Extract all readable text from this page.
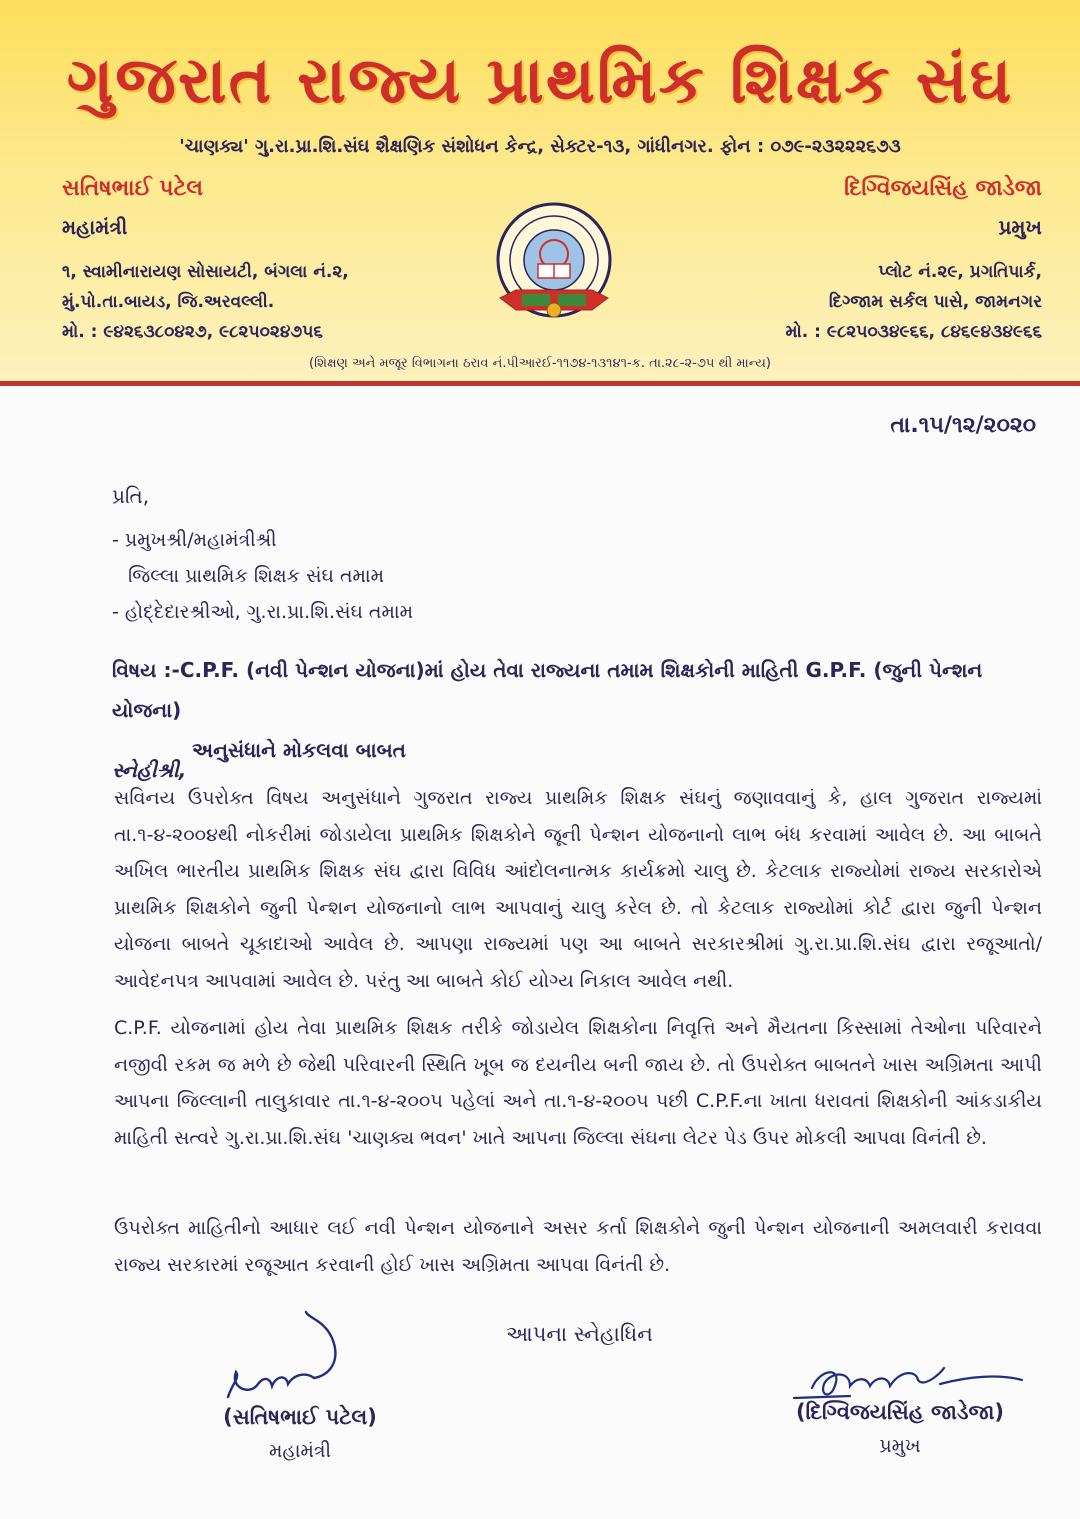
ગુજરાત રાજ્ય પ્રાથમિક શિક્ષક સંઘ
'ચાણક્ય' ગુ.રા.પ્રા.શિ.સંઘ શૈક્ષણિક સંશોધન કેન્દ્ર, સેક્ટર-૧૩, ગાંધીનગર. ફોન : ૦૭૯-૨૩૨૨૨૬૭૩
સતિષભાઈ પટેલ
મહામંત્રી
૧, સ્વામીનારાયણ સોસાયટી, બંગલા નં.૨,
મું.પો.તા.બાયડ, જિ.અરવલ્લી.
મો. : ૯૪૨૬૩૮૦૪૨૭, ૯૮૨૫૦૨૪૭૫૬
દિગ્વિજયસિંહ જાડેજા
પ્રમુખ
પ્લોટ નં.૨૯, પ્રગતિપાર્ક,
દિગ્જામ સર્કલ પાસે, જામનગર
મો. : ૯૮૨૫૦૩૪૯૬૬, ૮૪૬૯૪૩૪૯૬૬
(શિક્ષણ અને મજૂર વિભાગના ઠરાવ નં.પીઆરઈ-૧૧૭૪-૧૩૧૪૧-ક. તા.૨૮-૨-૭૫ થી માન્ય)
તા.૧૫/૧૨/૨૦૨૦
પ્રતિ,
- પ્રમુખશ્રી/મહામંત્રીશ્રી
જિલ્લા પ્રાથમિક શિક્ષક સંઘ તમામ
- હોદ્દેદારશ્રીઓ, ગુ.રા.પ્રા.શિ.સંઘ તમામ
વિષય :-C.P.F. (નવી પેન્શન યોજના)માં હોય તેવા રાજ્યના તમામ શિક્ષકોની માહિતી G.P.F. (જુની પેન્શન યોજના)
અનુસંધાને મોકલવા બાબત
સ્નેહીશ્રી,
સવિનય ઉપરોક્ત વિષય અનુસંધાને ગુજરાત રાજ્ય પ્રાથમિક શિક્ષક સંઘનું જણાવવાનું કે, હાલ ગુજરાત રાજ્યમાં તા.૧-૪-૨૦૦૪થી નોકરીમાં જોડાયેલા પ્રાથમિક શિક્ષકોને જૂની પેન્શન યોજનાનો લાભ બંધ કરવામાં આવેલ છે. આ બાબતે અખિલ ભારતીય પ્રાથમિક શિક્ષક સંઘ દ્વારા વિવિધ આંદોલનાત્મક કાર્યક્રમો ચાલુ છે. કેટલાક રાજ્યોમાં રાજ્ય સરકારોએ પ્રાથમિક શિક્ષકોને જુની પેન્શન યોજનાનો લાભ આપવાનું ચાલુ કરેલ છે. તો કેટલાક રાજ્યોમાં કોર્ટ દ્વારા જુની પેન્શન યોજના બાબતે ચૂકાદાઓ આવેલ છે. આપણા રાજ્યમાં પણ આ બાબતે સરકારશ્રીમાં ગુ.રા.પ્રા.શિ.સંઘ દ્વારા રજૂઆતો/આવેદનપત્ર આપવામાં આવેલ છે. પરંતુ આ બાબતે કોઈ યોગ્ય નિકાલ આવેલ નથી.
C.P.F. યોજનામાં હોય તેવા પ્રાથમિક શિક્ષક તરીકે જોડાયેલ શિક્ષકોના નિવૃત્તિ અને મૈયતના કિસ્સામાં તેઓના પરિવારને નજીવી રકમ જ મળે છે જેથી પરિવારની સ્થિતિ ખૂબ જ દયનીય બની જાય છે. તો ઉપરોક્ત બાબતને ખાસ અગ્રિમતા આપી આપના જિલ્લાની તાલુકાવાર તા.૧-૪-૨૦૦૫ પહેલાં અને તા.૧-૪-૨૦૦૫ પછી C.P.F.ના ખાતા ધરાવતાં શિક્ષકોની આંકડાકીય માહિતી સત્વરે ગુ.રા.પ્રા.શિ.સંઘ 'ચાણક્ય ભવન' ખાતે આપના જિલ્લા સંઘના લેટર પેડ ઉપર મોકલી આપવા વિનંતી છે.
ઉપરોક્ત માહિતીનો આધાર લઈ નવી પેન્શન યોજનાને અસર કર્તા શિક્ષકોને જુની પેન્શન યોજનાની અમલવારી કરાવવા રાજ્ય સરકારમાં રજૂઆત કરવાની હોઈ ખાસ અગ્રિમતા આપવા વિનંતી છે.
આપના સ્નેહાધિન
(સતિષભાઈ પટેલ)
મહામંત્રી
(દિગ્વિજયસિંહ જાડેજા)
પ્રમુખ
